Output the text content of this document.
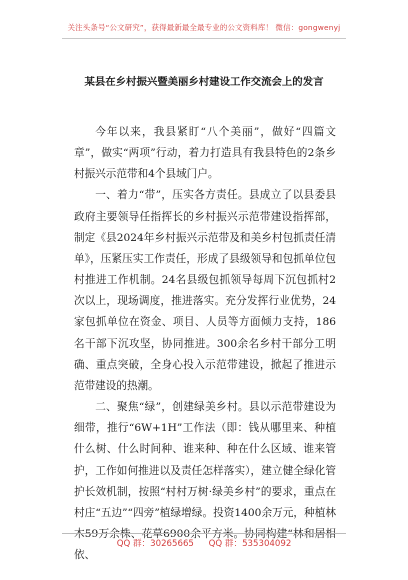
关注头条号“公文研究”，获得最新最全最专业的公文资料库！ 微信：gongwenyj
某县在乡村振兴暨美丽乡村建设工作交流会上的发言

今年以来，我县紧盯“八个美丽”，做好“四篇文章”，做实“两项”行动，着力打造具有我县特色的2条乡村振兴示范带和4个县域门户。

一、着力“带”，压实各方责任。县成立了以县委县政府主要领导任指挥长的乡村振兴示范带建设指挥部，制定《县2024年乡村振兴示范带及和美乡村包抓责任清单》，压紧压实工作责任，形成了县级领导和包抓单位包村推进工作机制。24名县级包抓领导每周下沉包抓村2次以上，现场调度，推进落实。充分发挥行业优势，24家包抓单位在资金、项目、人员等方面倾力支持，186名干部下沉攻坚，协同推进。300余名乡村干部分工明确、重点突破，全身心投入示范带建设，掀起了推进示范带建设的热潮。

二、聚焦“绿”，创建绿美乡村。县以示范带建设为细带，推行“6W+1H”工作法（即：钱从哪里来、种植什么树、什么时间种、谁来种、种在什么区域、谁来管护，工作如何推进以及责任怎样落实），建立健全绿化管护长效机制，按照“村村万树·绿美乡村”的要求，重点在村庄“五边”“四旁”植绿增绿。投资1400余万元，种植林木59万余株、花草6900余平方米。协同构建“林和居相依、

QQ 群：30265665 QQ 群：535304092
